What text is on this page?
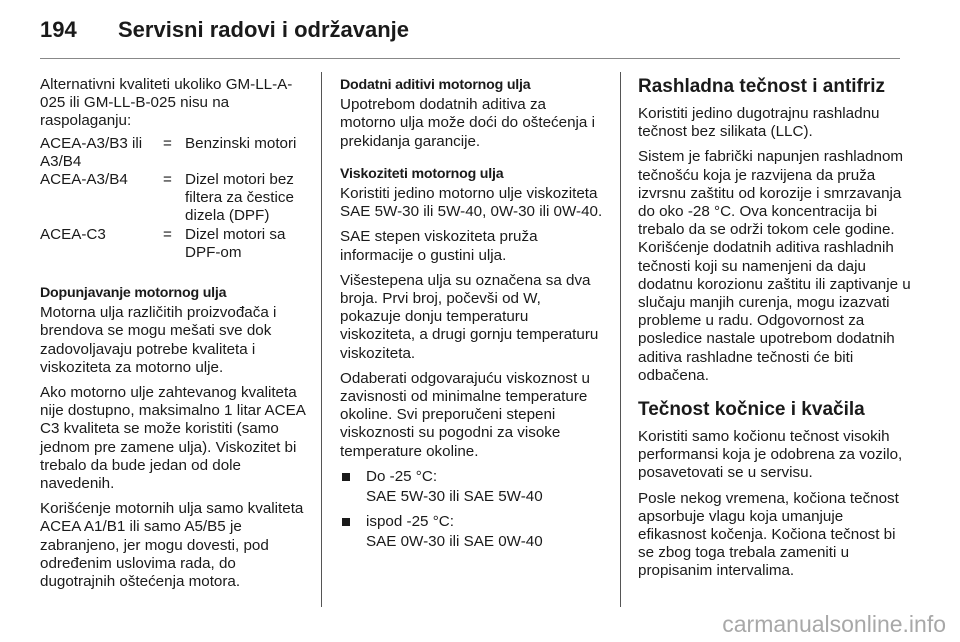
194 Servisni radovi i održavanje

Alternativni kvaliteti ukoliko GM-LL-A-025 ili GM-LL-B-025 nisu na raspolaganju:

ACEA-A3/B3 ili A3/B4	=	Benzinski motori
ACEA-A3/B4	=	Dizel motori bez filtera za čestice dizela (DPF)
ACEA-C3	=	Dizel motori sa DPF-om

Dopunjavanje motornog ulja

Motorna ulja različitih proizvođača i brendova se mogu mešati sve dok zadovoljavaju potrebe kvaliteta i viskoziteta za motorno ulje.

Ako motorno ulje zahtevanog kvaliteta nije dostupno, maksimalno 1 litar ACEA C3 kvaliteta se može koristiti (samo jednom pre zamene ulja). Viskozitet bi trebalo da bude jedan od dole navedenih.

Korišćenje motornih ulja samo kvaliteta ACEA A1/B1 ili samo A5/B5 je zabranjeno, jer mogu dovesti, pod određenim uslovima rada, do dugotrajnih oštećenja motora.

Dodatni aditivi motornog ulja

Upotrebom dodatnih aditiva za motorno ulja može doći do oštećenja i prekidanja garancije.

Viskoziteti motornog ulja

Koristiti jedino motorno ulje viskoziteta SAE 5W-30 ili 5W-40, 0W-30 ili 0W-40.

SAE stepen viskoziteta pruža informacije o gustini ulja.

Višestepena ulja su označena sa dva broja. Prvi broj, počevši od W, pokazuje donju temperaturu viskoziteta, a drugi gornju temperaturu viskoziteta.

Odaberati odgovarajuću viskoznost u zavisnosti od minimalne temperature okoline. Svi preporučeni stepeni viskoznosti su pogodni za visoke temperature okoline.

Do -25 °C:

SAE 5W-30 ili SAE 5W-40

ispod -25 °C:

SAE 0W-30 ili SAE 0W-40

Rashladna tečnost i antifriz

Koristiti jedino dugotrajnu rashladnu tečnost bez silikata (LLC).

Sistem je fabrički napunjen rashladnom tečnošću koja je razvijena da pruža izvrsnu zaštitu od korozije i smrzavanja do oko -28 °C. Ova koncentracija bi trebalo da se održi tokom cele godine. Korišćenje dodatnih aditiva rashladnih tečnosti koji su namenjeni da daju dodatnu korozionu zaštitu ili zaptivanje u slučaju manjih curenja, mogu izazvati probleme u radu. Odgovornost za posledice nastale upotrebom dodatnih aditiva rashladne tečnosti će biti odbačena.

Tečnost kočnice i kvačila

Koristiti samo kočionu tečnost visokih performansi koja je odobrena za vozilo, posavetovati se u servisu.

Posle nekog vremena, kočiona tečnost apsorbuje vlagu koja umanjuje efikasnost kočenja. Kočiona tečnost bi se zbog toga trebala zameniti u propisanim intervalima.

carmanualsonline.info
